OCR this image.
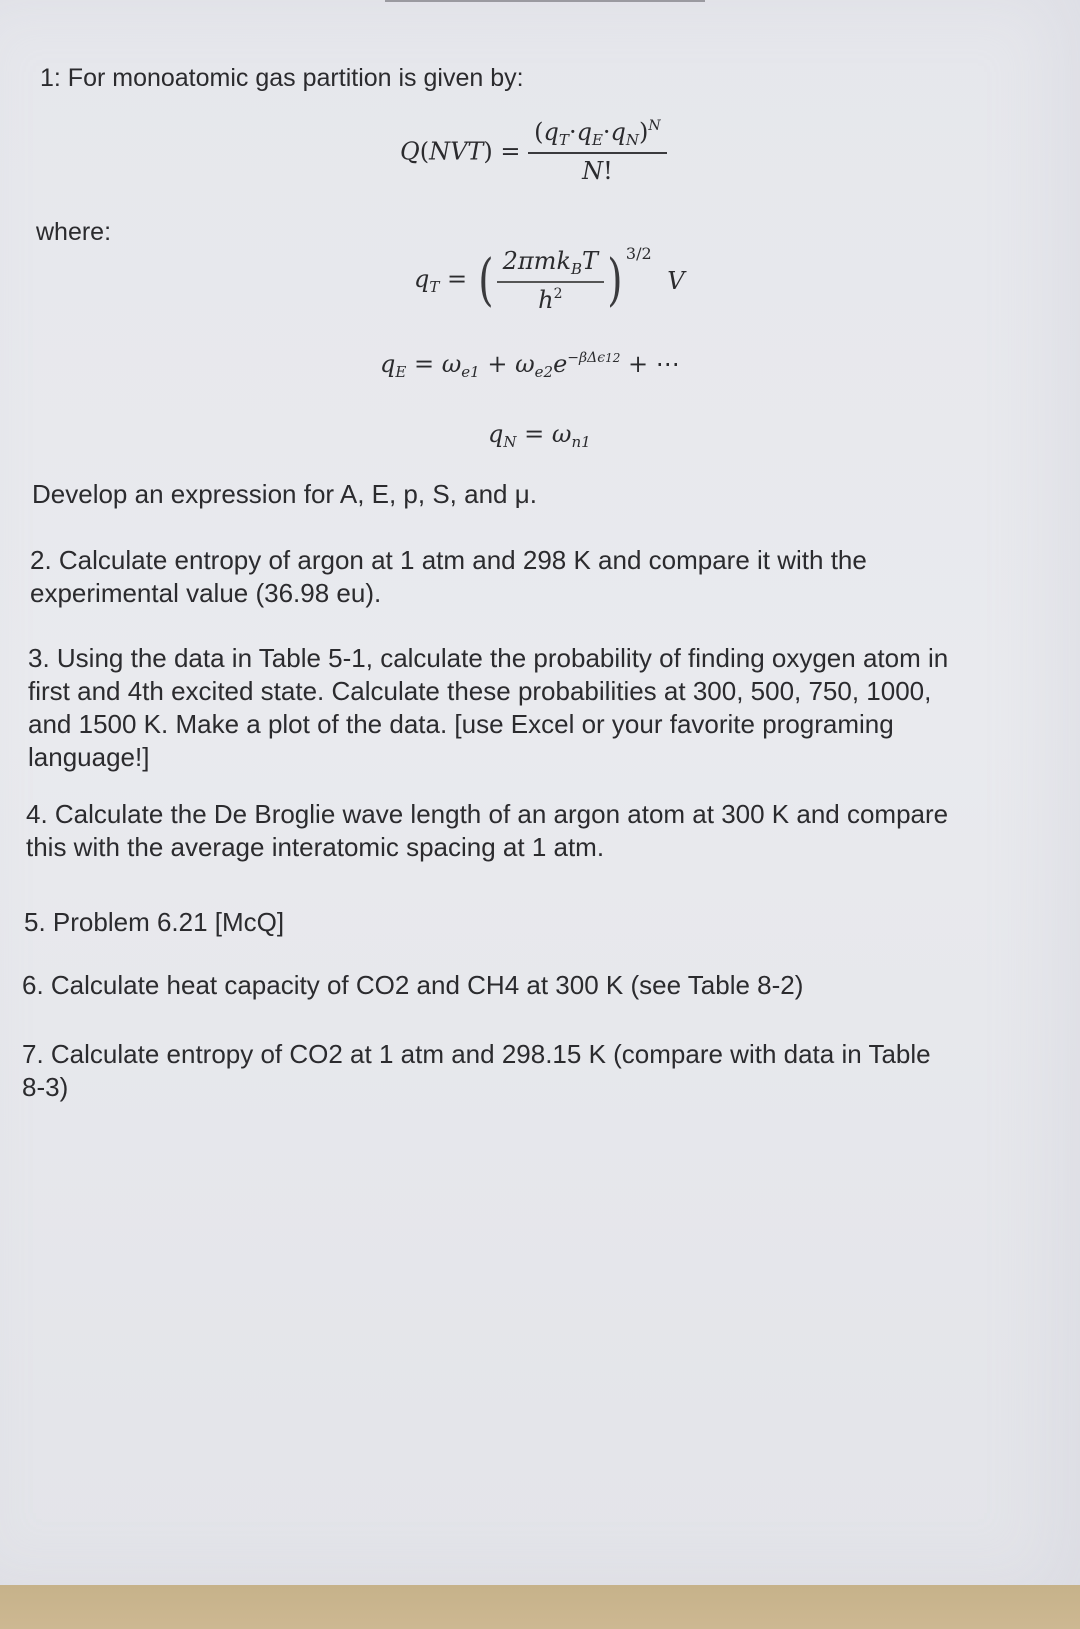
1: For monoatomic gas partition is given by:
$Q(NVT) = \frac{(q_T\cdot q_E\cdot q_N)^N}{N!}$
where:
$q_T$ = ( $\frac{2\pi mk_BT}{h^2}$ ) $^{3/2}$ V
$q_E = \omega_{e1} + \omega_{e2}e^{-\beta\Delta\epsilon 12}$ + ⋯
$q_N = \omega_{n1}$
Develop an expression for A, E, p, S, and μ.
2. Calculate entropy of argon at 1 atm and 298 K and compare it with the
experimental value (36.98 eu).
3. Using the data in Table 5-1, calculate the probability of finding oxygen atom in
first and 4th excited state. Calculate these probabilities at 300, 500, 750, 1000,
and 1500 K. Make a plot of the data. [use Excel or your favorite programing
language!]
4. Calculate the De Broglie wave length of an argon atom at 300 K and compare
this with the average interatomic spacing at 1 atm.
5. Problem 6.21 [McQ]
6. Calculate heat capacity of CO2 and CH4 at 300 K (see Table 8-2)
7. Calculate entropy of CO2 at 1 atm and 298.15 K (compare with data in Table
8-3)
